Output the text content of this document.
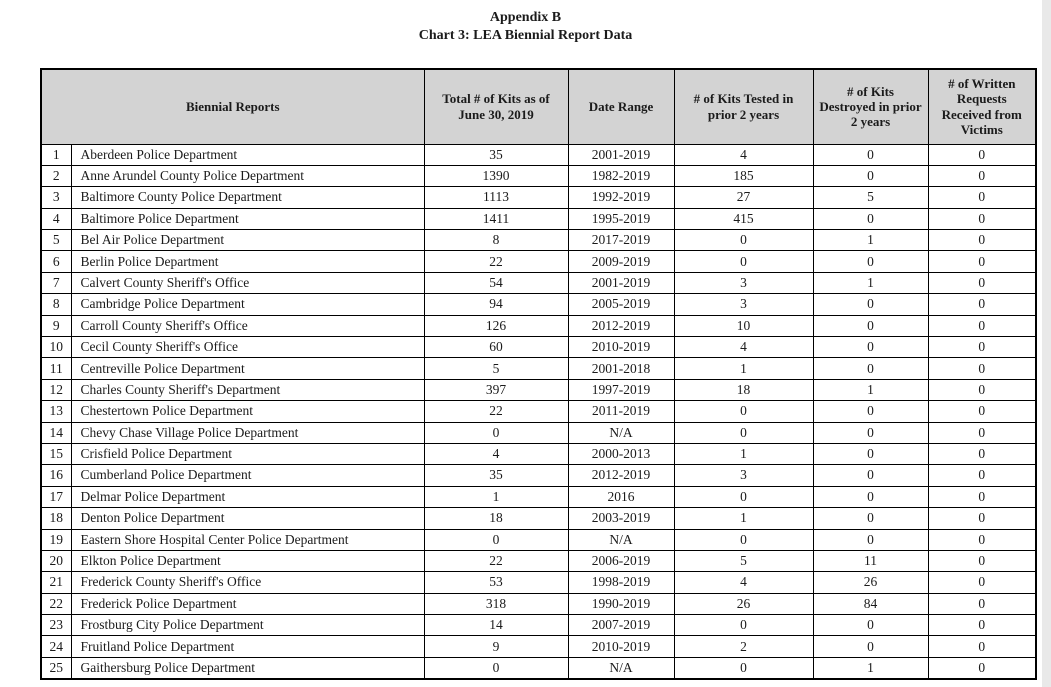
Appendix B
Chart 3: LEA Biennial Report Data
Biennial Reports		Total # of Kits as of June 30, 2019	Date Range	# of Kits Tested in prior 2 years	# of Kits Destroyed in prior 2 years	# of Written Requests Received from Victims
1	Aberdeen Police Department	35	2001-2019	4	0	0
2	Anne Arundel County Police Department	1390	1982-2019	185	0	0
3	Baltimore County Police Department	1113	1992-2019	27	5	0
4	Baltimore Police Department	1411	1995-2019	415	0	0
5	Bel Air Police Department	8	2017-2019	0	1	0
6	Berlin Police Department	22	2009-2019	0	0	0
7	Calvert County Sheriff's Office	54	2001-2019	3	1	0
8	Cambridge Police Department	94	2005-2019	3	0	0
9	Carroll County Sheriff's Office	126	2012-2019	10	0	0
10	Cecil County Sheriff's Office	60	2010-2019	4	0	0
11	Centreville Police Department	5	2001-2018	1	0	0
12	Charles County Sheriff's Department	397	1997-2019	18	1	0
13	Chestertown Police Department	22	2011-2019	0	0	0
14	Chevy Chase Village Police Department	0	N/A	0	0	0
15	Crisfield Police Department	4	2000-2013	1	0	0
16	Cumberland Police Department	35	2012-2019	3	0	0
17	Delmar Police Department	1	2016	0	0	0
18	Denton Police Department	18	2003-2019	1	0	0
19	Eastern Shore Hospital Center Police Department	0	N/A	0	0	0
20	Elkton Police Department	22	2006-2019	5	11	0
21	Frederick County Sheriff's Office	53	1998-2019	4	26	0
22	Frederick Police Department	318	1990-2019	26	84	0
23	Frostburg City Police Department	14	2007-2019	0	0	0
24	Fruitland Police Department	9	2010-2019	2	0	0
25	Gaithersburg Police Department	0	N/A	0	1	0
